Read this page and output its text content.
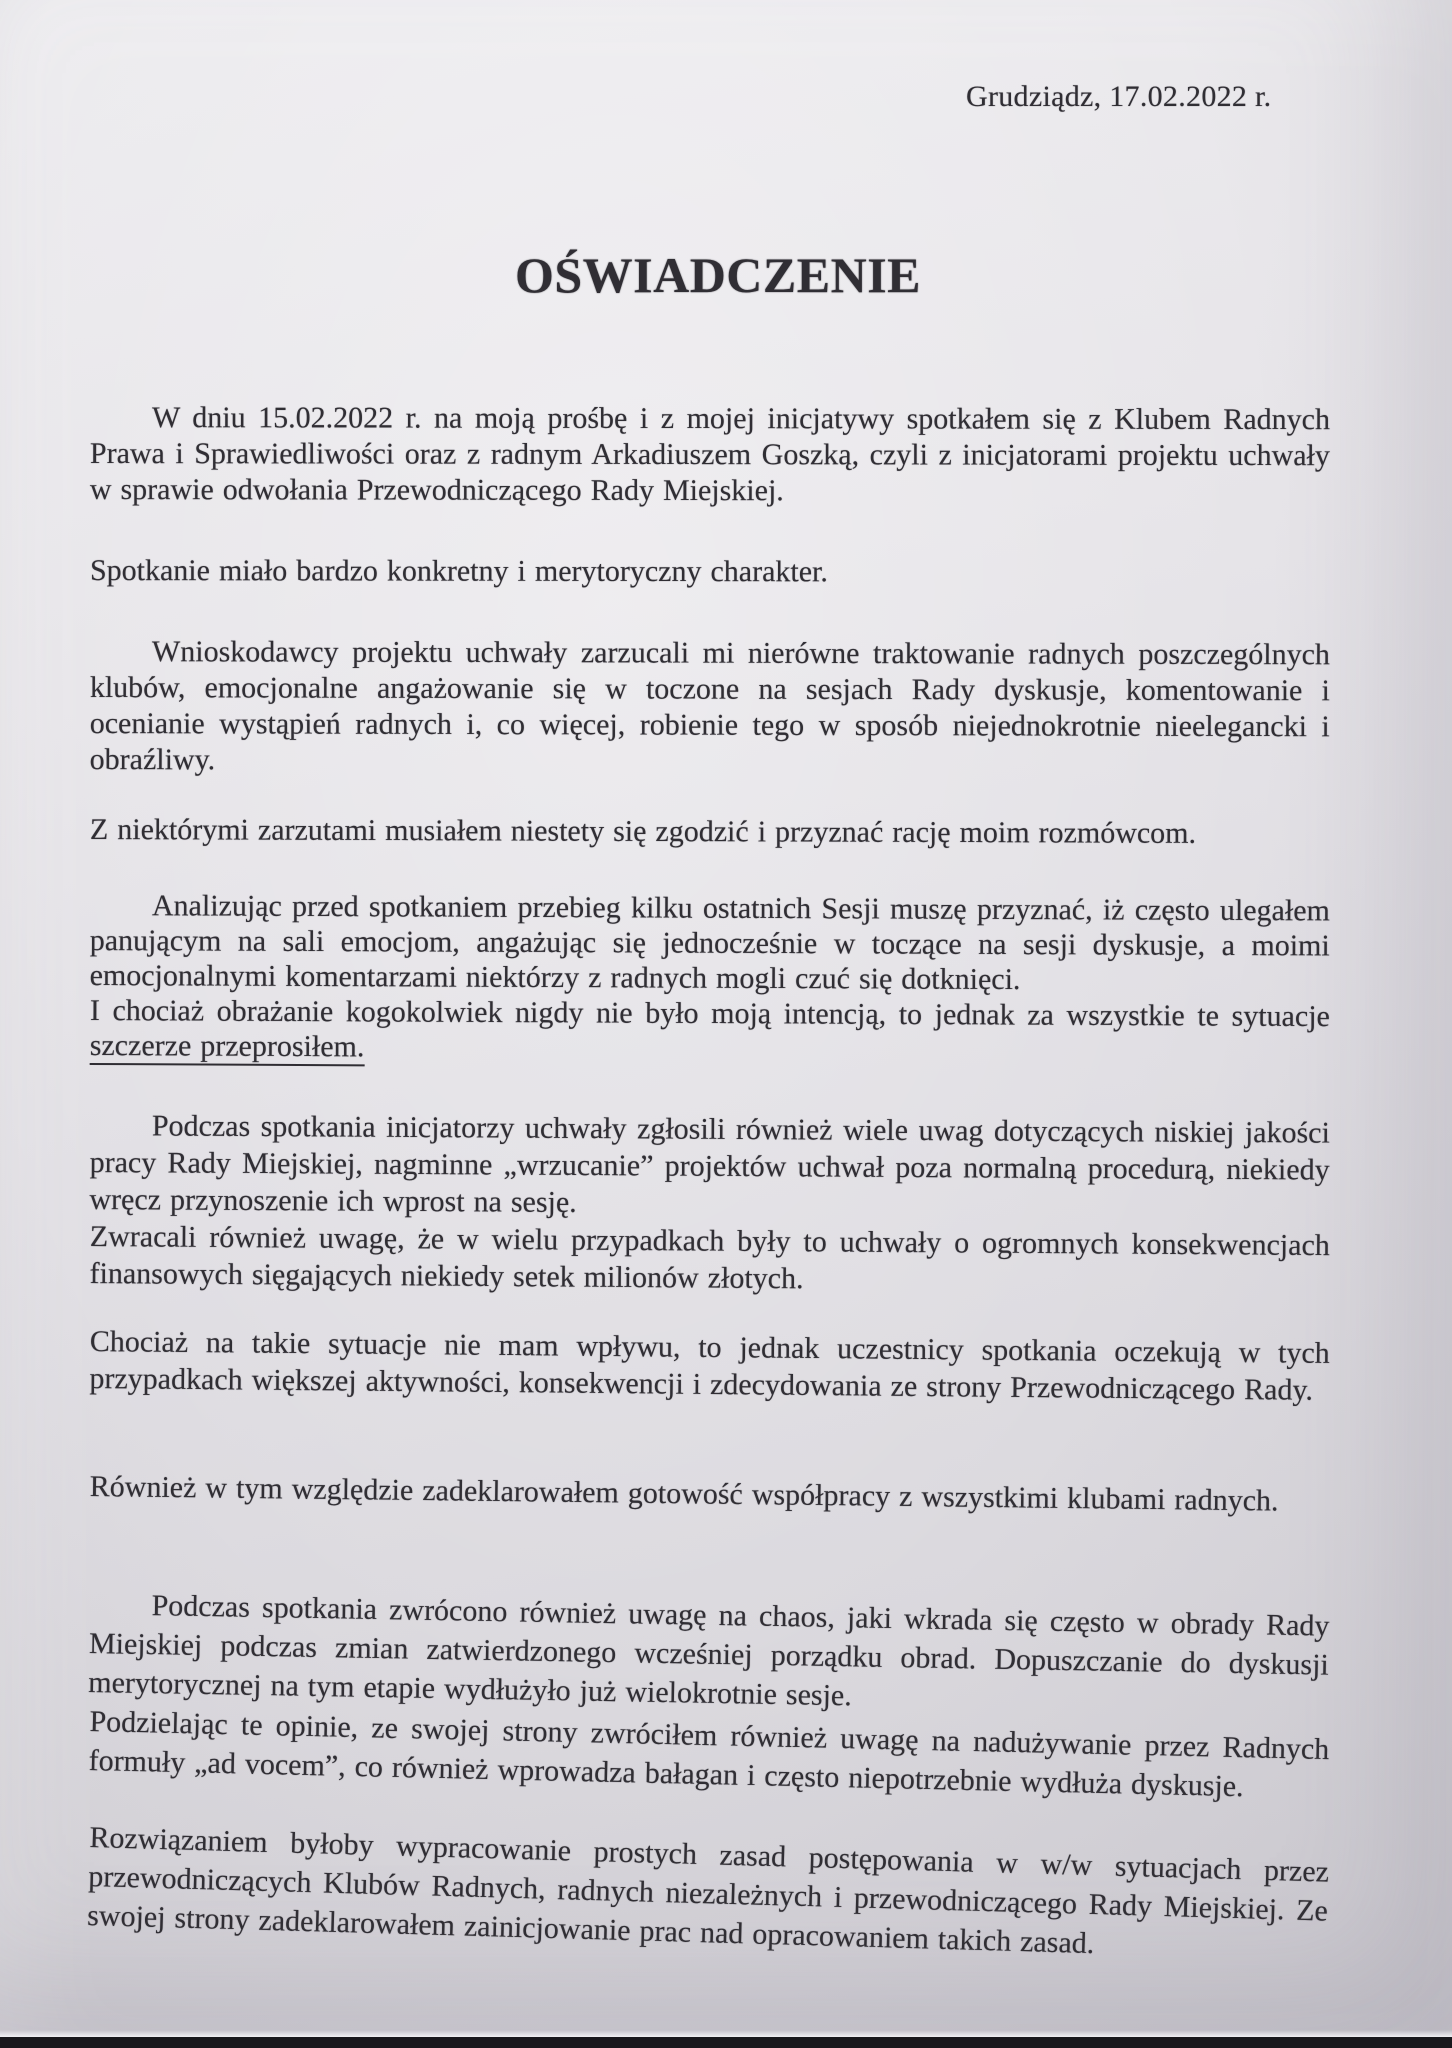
Grudziądz, 17.02.2022 r.
OŚWIADCZENIE
W dniu 15.02.2022 r. na moją prośbę i z mojej inicjatywy spotkałem się z Klubem Radnych Prawa i Sprawiedliwości oraz z radnym Arkadiuszem Goszką, czyli z inicjatorami projektu uchwały w sprawie odwołania Przewodniczącego Rady Miejskiej.
Spotkanie miało bardzo konkretny i merytoryczny charakter.
Wnioskodawcy projektu uchwały zarzucali mi nierówne traktowanie radnych poszczególnych klubów, emocjonalne angażowanie się w toczone na sesjach Rady dyskusje, komentowanie i ocenianie wystąpień radnych i, co więcej, robienie tego w sposób niejednokrotnie nieelegancki i obraźliwy.
Z niektórymi zarzutami musiałem niestety się zgodzić i przyznać rację moim rozmówcom.
Analizując przed spotkaniem przebieg kilku ostatnich Sesji muszę przyznać, iż często ulegałem panującym na sali emocjom, angażując się jednocześnie w toczące na sesji dyskusje, a moimi emocjonalnymi komentarzami niektórzy z radnych mogli czuć się dotknięci.
I chociaż obrażanie kogokolwiek nigdy nie było moją intencją, to jednak za wszystkie te sytuacje szczerze przeprosiłem.
Podczas spotkania inicjatorzy uchwały zgłosili również wiele uwag dotyczących niskiej jakości pracy Rady Miejskiej, nagminne „wrzucanie” projektów uchwał poza normalną procedurą, niekiedy wręcz przynoszenie ich wprost na sesję.
Zwracali również uwagę, że w wielu przypadkach były to uchwały o ogromnych konsekwencjach finansowych sięgających niekiedy setek milionów złotych.
Chociaż na takie sytuacje nie mam wpływu, to jednak uczestnicy spotkania oczekują w tych przypadkach większej aktywności, konsekwencji i zdecydowania ze strony Przewodniczącego Rady.
Również w tym względzie zadeklarowałem gotowość współpracy z wszystkimi klubami radnych.
Podczas spotkania zwrócono również uwagę na chaos, jaki wkrada się często w obrady Rady Miejskiej podczas zmian zatwierdzonego wcześniej porządku obrad. Dopuszczanie do dyskusji merytorycznej na tym etapie wydłużyło już wielokrotnie sesje.
Podzielając te opinie, ze swojej strony zwróciłem również uwagę na nadużywanie przez Radnych formuły „ad vocem”, co również wprowadza bałagan i często niepotrzebnie wydłuża dyskusje.
Rozwiązaniem byłoby wypracowanie prostych zasad postępowania w w/w sytuacjach przez przewodniczących Klubów Radnych, radnych niezależnych i przewodniczącego Rady Miejskiej. Ze swojej strony zadeklarowałem zainicjowanie prac nad opracowaniem takich zasad.
